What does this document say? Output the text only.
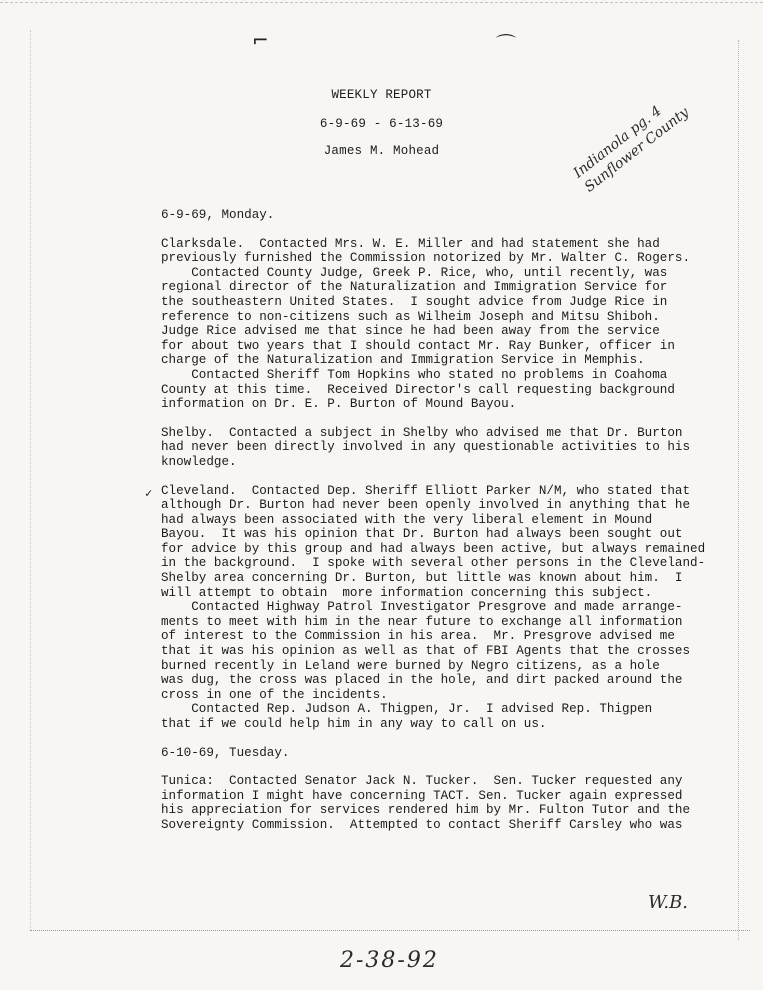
⌐	⌒
WEEKLY REPORT
6-9-69 - 6-13-69
James M. Mohead	Indianola pg. 4 Sunflower County
✓

6-9-69, Monday.

Clarksdale.  Contacted Mrs. W. E. Miller and had statement she had

previously furnished the Commission notorized by Mr. Walter C. Rogers.

Contacted County Judge, Greek P. Rice, who, until recently, was

regional director of the Naturalization and Immigration Service for

the southeastern United States.  I sought advice from Judge Rice in

reference to non-citizens such as Wilheim Joseph and Mitsu Shiboh.

Judge Rice advised me that since he had been away from the service

for about two years that I should contact Mr. Ray Bunker, officer in

charge of the Naturalization and Immigration Service in Memphis.

Contacted Sheriff Tom Hopkins who stated no problems in Coahoma

County at this time.  Received Director's call requesting background

information on Dr. E. P. Burton of Mound Bayou.

Shelby.  Contacted a subject in Shelby who advised me that Dr. Burton

had never been directly involved in any questionable activities to his

knowledge.

Cleveland.  Contacted Dep. Sheriff Elliott Parker N/M, who stated that

although Dr. Burton had never been openly involved in anything that he

had always been associated with the very liberal element in Mound

Bayou.  It was his opinion that Dr. Burton had always been sought out

for advice by this group and had always been active, but always remained

in the background.  I spoke with several other persons in the Cleveland-

Shelby area concerning Dr. Burton, but little was known about him.  I

will attempt to obtain  more information concerning this subject.

Contacted Highway Patrol Investigator Presgrove and made arrange-

ments to meet with him in the near future to exchange all information

of interest to the Commission in his area.  Mr. Presgrove advised me

that it was his opinion as well as that of FBI Agents that the crosses

burned recently in Leland were burned by Negro citizens, as a hole

was dug, the cross was placed in the hole, and dirt packed around the

cross in one of the incidents.

Contacted Rep. Judson A. Thigpen, Jr.  I advised Rep. Thigpen

that if we could help him in any way to call on us.

6-10-69, Tuesday.

Tunica:  Contacted Senator Jack N. Tucker.  Sen. Tucker requested any

information I might have concerning TACT. Sen. Tucker again expressed

his appreciation for services rendered him by Mr. Fulton Tutor and the

Sovereignty Commission.  Attempted to contact Sheriff Carsley who was

W.B.
2-38-92
